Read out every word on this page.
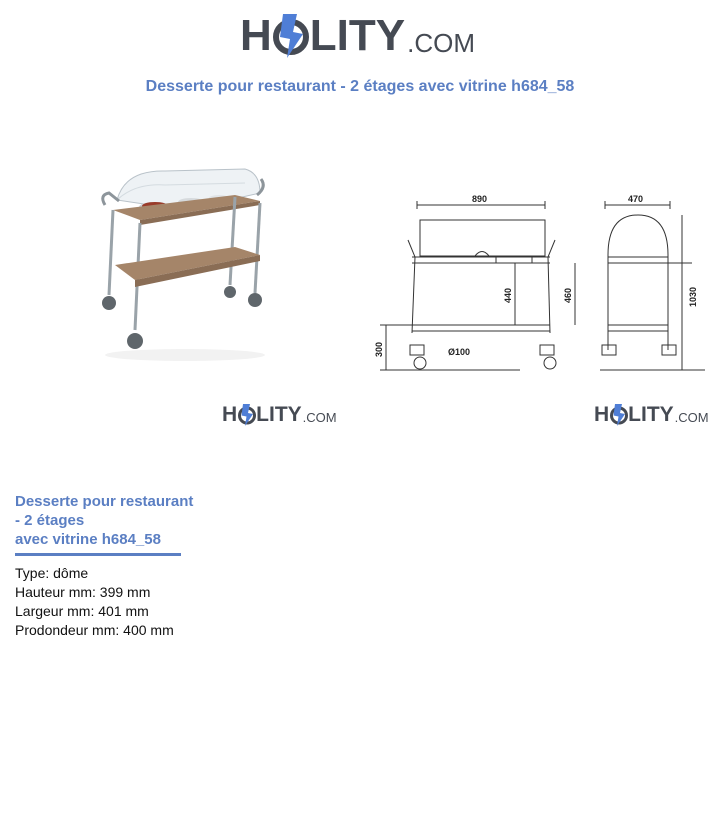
H LITY .COM
Desserte pour restaurant - 2 étages avec vitrine h684_58
890	470
440	460	1030
300	Ø100
H LITY .COM	H LITY .COM
Desserte pour restaurant
- 2 étages
avec vitrine h684_58
Type: dôme
Hauteur mm: 399 mm
Largeur mm: 401 mm
Prodondeur mm: 400 mm
